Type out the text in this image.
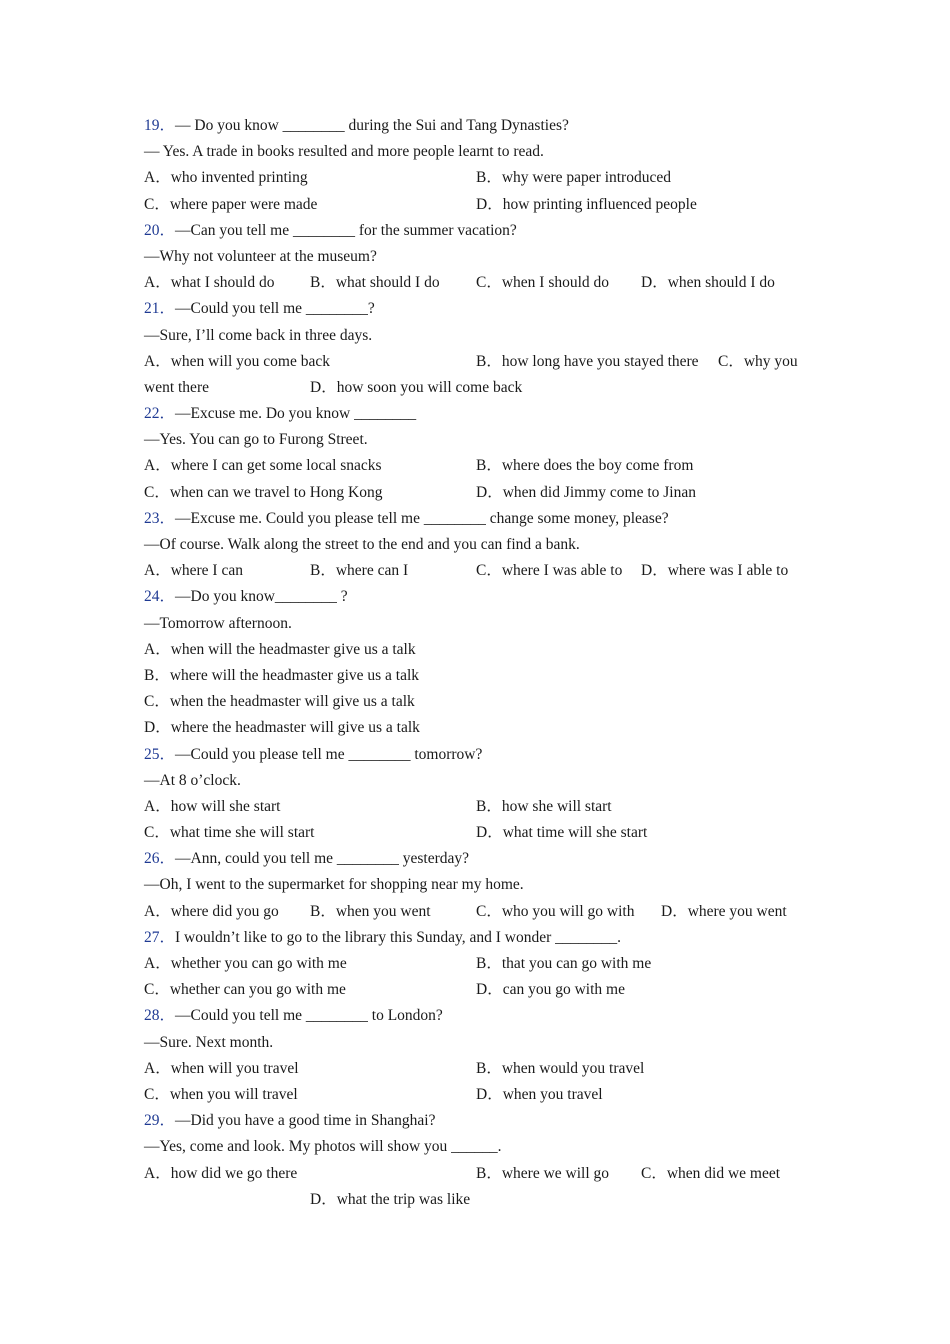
19．— Do you know ________ during the Sui and Tang Dynasties?
— Yes. A trade in books resulted and more people learnt to read.
A．who invented printing	B．why were paper introduced
C．where paper were made	D．how printing influenced people
20．—Can you tell me ________ for the summer vacation?
—Why not volunteer at the museum?
A．what I should do B．what should I do C．when I should do D．when should I do
21．—Could you tell me ________?
—Sure, I’ll come back in three days.
A．when will you come back	B．how long have you stayed there C．why you
went there	D．how soon you will come back
22．—Excuse me. Do you know ________
—Yes. You can go to Furong Street.
A．where I can get some local snacks	B．where does the boy come from
C．when can we travel to Hong Kong	D．when did Jimmy come to Jinan
23．—Excuse me. Could you please tell me ________ change some money, please?
—Of course. Walk along the street to the end and you can find a bank.
A．where I can	B．where can I	C．where I was able to D．where was I able to
24．—Do you know________ ?
—Tomorrow afternoon.
A．when will the headmaster give us a talk
B．where will the headmaster give us a talk
C．when the headmaster will give us a talk
D．where the headmaster will give us a talk
25．—Could you please tell me ________ tomorrow?
—At 8 o’clock.
A．how will she start	B．how she will start
C．what time she will start	D．what time will she start
26．—Ann, could you tell me ________ yesterday?
—Oh, I went to the supermarket for shopping near my home.
A．where did you go B．when you went	C．who you will go with D．where you went
27．I wouldn’t like to go to the library this Sunday, and I wonder ________.
A．whether you can go with me	B．that you can go with me
C．whether can you go with me	D．can you go with me
28．—Could you tell me ________ to London?
—Sure. Next month.
A．when will you travel	B．when would you travel
C．when you will travel	D．when you travel
29．—Did you have a good time in Shanghai?
—Yes, come and look. My photos will show you ______.
A．how did we go there	B．where we will go C．when did we meet
D．what the trip was like
